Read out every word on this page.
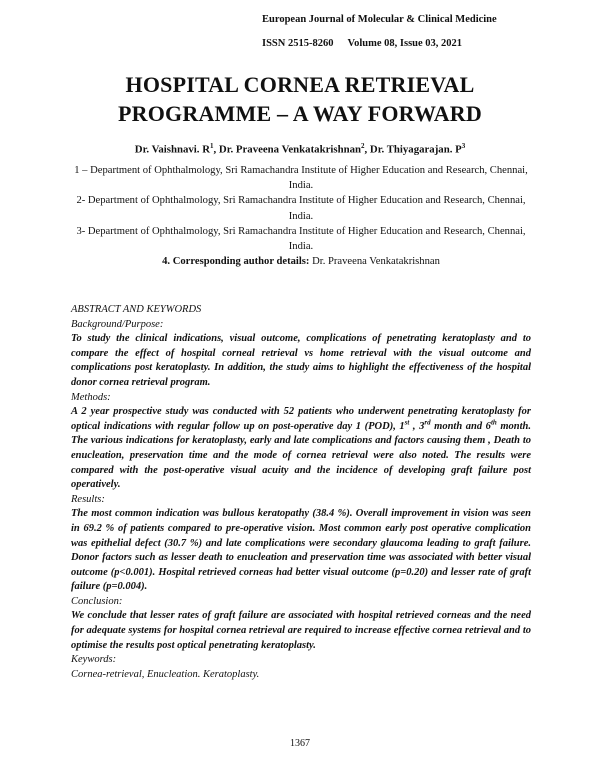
European Journal of Molecular & Clinical Medicine
ISSN 2515-8260 Volume 08, Issue 03, 2021
HOSPITAL CORNEA RETRIEVAL
PROGRAMME – A WAY FORWARD
Dr. Vaishnavi. $R^1$, Dr. Praveena Venkatakrishnan$^2$, Dr. Thiyagarajan. $P^3$

1 – Department of Ophthalmology, Sri Ramachandra Institute of Higher Education and Research, Chennai, India.

2- Department of Ophthalmology, Sri Ramachandra Institute of Higher Education and Research, Chennai, India.

3- Department of Ophthalmology, Sri Ramachandra Institute of Higher Education and Research, Chennai, India.

4. Corresponding author details: Dr. Praveena Venkatakrishnan

ABSTRACT AND KEYWORDS

Background/Purpose:

To study the clinical indications, visual outcome, complications of penetrating keratoplasty and to compare the effect of hospital corneal retrieval vs home retrieval with the visual outcome and complications post keratoplasty. In addition, the study aims to highlight the effectiveness of the hospital donor cornea retrieval program.

Methods:

A 2 year prospective study was conducted with 52 patients who underwent penetrating keratoplasty for optical indications with regular follow up on post-operative day 1 (POD), 1st , 3rd month and 6th month. The various indications for keratoplasty, early and late complications and factors causing them , Death to enucleation, preservation time and the mode of cornea retrieval were also noted. The results were compared with the post-operative visual acuity and the incidence of developing graft failure post operatively.

Results:

The most common indication was bullous keratopathy (38.4 %). Overall improvement in vision was seen in 69.2 % of patients compared to pre-operative vision. Most common early post operative complication was epithelial defect (30.7 %) and late complications were secondary glaucoma leading to graft failure. Donor factors such as lesser death to enucleation and preservation time was associated with better visual outcome (p<0.001). Hospital retrieved corneas had better visual outcome (p=0.20) and lesser rate of graft failure (p=0.004).

Conclusion:

We conclude that lesser rates of graft failure are associated with hospital retrieved corneas and the need for adequate systems for hospital cornea retrieval are required to increase effective cornea retrieval and to optimise the results post optical penetrating keratoplasty.

Keywords:

Cornea-retrieval, Enucleation. Keratoplasty.

1367
